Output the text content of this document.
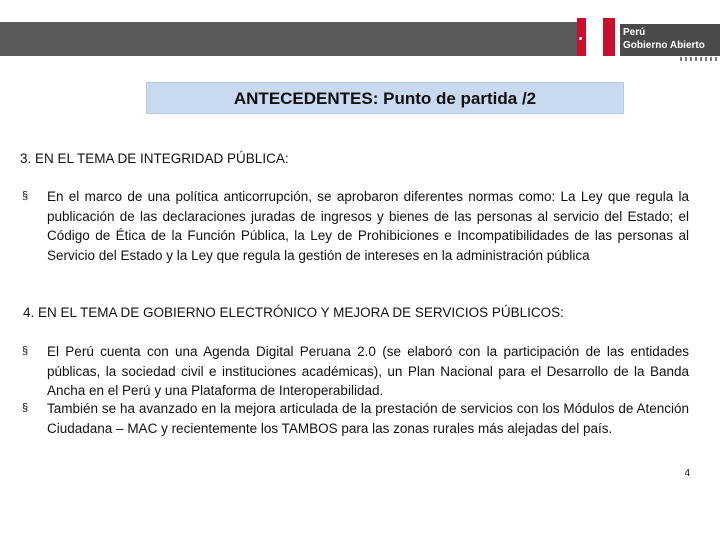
Perú
Gobierno Abierto
ANTECEDENTES: Punto de partida /2
3. EN EL TEMA DE INTEGRIDAD PÚBLICA:
§ En el marco de una política anticorrupción, se aprobaron diferentes normas como: La Ley que regula la publicación de las declaraciones juradas de ingresos y bienes de las personas al servicio del Estado; el Código de Ética de la Función Pública, la Ley de Prohibiciones e Incompatibilidades de las personas al Servicio del Estado y la Ley que regula la gestión de intereses en la administración pública
4. EN EL TEMA DE GOBIERNO ELECTRÓNICO Y MEJORA DE SERVICIOS PÚBLICOS:
§ El Perú cuenta con una Agenda Digital Peruana 2.0 (se elaboró con la participación de las entidades públicas, la sociedad civil e instituciones académicas), un Plan Nacional para el Desarrollo de la Banda Ancha en el Perú y una Plataforma de Interoperabilidad.
§ También se ha avanzado en la mejora articulada de la prestación de servicios con los Módulos de Atención Ciudadana – MAC y recientemente los TAMBOS para las zonas rurales más alejadas del país.
4
